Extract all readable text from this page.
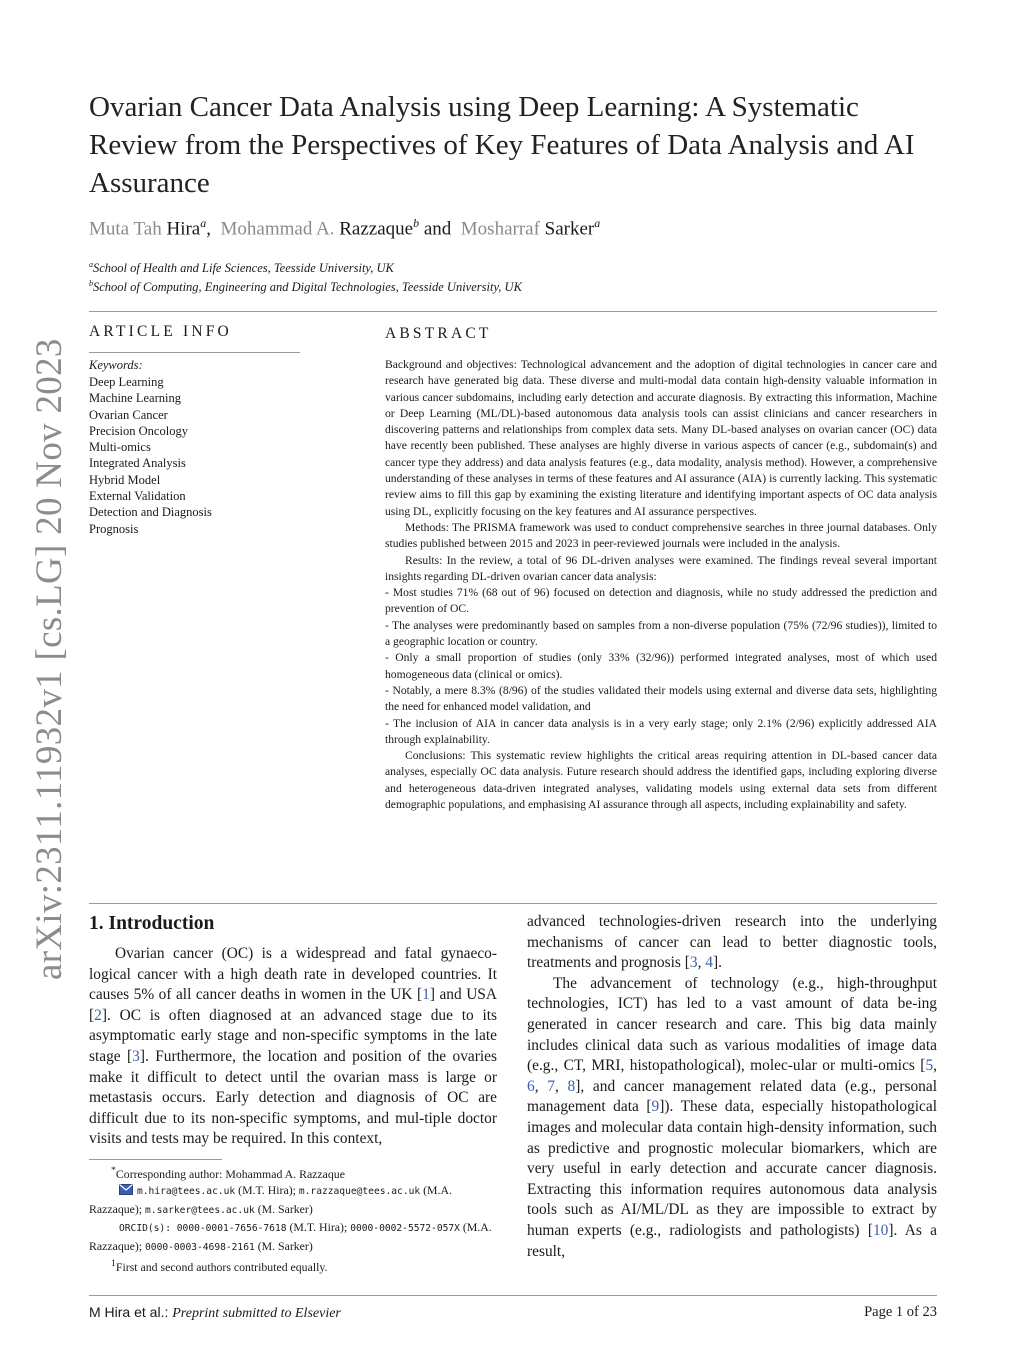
arXiv:2311.11932v1 [cs.LG] 20 Nov 2023
Ovarian Cancer Data Analysis using Deep Learning: A Systematic Review from the Perspectives of Key Features of Data Analysis and AI Assurance
Muta Tah Hira$^a$,  Mohammad A. Razzaque$^b$ and  Mosharraf Sarker$^a$
$^a$School of Health and Life Sciences, Teesside University, UK
$^b$School of Computing, Engineering and Digital Technologies, Teesside University, UK
ARTICLE INFO
Keywords:
Deep Learning
Machine Learning
Ovarian Cancer
Precision Oncology
Multi-omics
Integrated Analysis
Hybrid Model
External Validation
Detection and Diagnosis
Prognosis
ABSTRACT

Background and objectives: Technological advancement and the adoption of digital technologies in cancer care and research have generated big data. These diverse and multi-modal data contain high-density valuable information in various cancer subdomains, including early detection and accurate diagnosis. By extracting this information, Machine or Deep Learning (ML/DL)-based autonomous data analysis tools can assist clinicians and cancer researchers in discovering patterns and relationships from complex data sets. Many DL-based analyses on ovarian cancer (OC) data have recently been published. These analyses are highly diverse in various aspects of cancer (e.g., subdomain(s) and cancer type they address) and data analysis features (e.g., data modality, analysis method). However, a comprehensive understanding of these analyses in terms of these features and AI assurance (AIA) is currently lacking. This systematic review aims to fill this gap by examining the existing literature and identifying important aspects of OC data analysis using DL, explicitly focusing on the key features and AI assurance perspectives.

Methods: The PRISMA framework was used to conduct comprehensive searches in three journal databases. Only studies published between 2015 and 2023 in peer-reviewed journals were included in the analysis.

Results: In the review, a total of 96 DL-driven analyses were examined. The findings reveal several important insights regarding DL-driven ovarian cancer data analysis:

- Most studies 71% (68 out of 96) focused on detection and diagnosis, while no study addressed the prediction and prevention of OC.

- The analyses were predominantly based on samples from a non-diverse population (75% (72/96 studies)), limited to a geographic location or country.

- Only a small proportion of studies (only 33% (32/96)) performed integrated analyses, most of which used homogeneous data (clinical or omics).

- Notably, a mere 8.3% (8/96) of the studies validated their models using external and diverse data sets, highlighting the need for enhanced model validation, and

- The inclusion of AIA in cancer data analysis is in a very early stage; only 2.1% (2/96) explicitly addressed AIA through explainability.

Conclusions: This systematic review highlights the critical areas requiring attention in DL-based cancer data analyses, especially OC data analysis. Future research should address the identified gaps, including exploring diverse and heterogeneous data-driven integrated analyses, validating models using external data sets from different demographic populations, and emphasising AI assurance through all aspects, including explainability and safety.

1. Introduction

Ovarian cancer (OC) is a widespread and fatal gynaeco-logical cancer with a high death rate in developed countries. It causes 5% of all cancer deaths in women in the UK [1] and USA [2]. OC is often diagnosed at an advanced stage due to its asymptomatic early stage and non-specific symptoms in the late stage [3]. Furthermore, the location and position of the ovaries make it difficult to detect until the ovarian mass is large or metastasis occurs. Early detection and diagnosis of OC are difficult due to its non-specific symptoms, and mul-tiple doctor visits and tests may be required. In this context,

advanced technologies-driven research into the underlying mechanisms of cancer can lead to better diagnostic tools, treatments and prognosis [3, 4].

The advancement of technology (e.g., high-throughput technologies, ICT) has led to a vast amount of data be-ing generated in cancer research and care. This big data mainly includes clinical data such as various modalities of image data (e.g., CT, MRI, histopathological), molec-ular or multi-omics [5, 6, 7, 8], and cancer management related data (e.g., personal management data [9]). These data, especially histopathological images and molecular data contain high-density information, such as predictive and prognostic molecular biomarkers, which are very useful in early detection and accurate cancer diagnosis. Extracting this information requires autonomous data analysis tools such as AI/ML/DL as they are impossible to extract by human experts (e.g., radiologists and pathologists) [10]. As a result,

*Corresponding author: Mohammad A. Razzaque

m.hira@tees.ac.uk (M.T. Hira); m.razzaque@tees.ac.uk (M.A. Razzaque); m.sarker@tees.ac.uk (M. Sarker)

ORCID(s): 0000-0001-7656-7618 (M.T. Hira); 0000-0002-5572-057X (M.A. Razzaque); 0000-0003-4698-2161 (M. Sarker)

$^1$First and second authors contributed equally.

M Hira et al.: Preprint submitted to Elsevier	Page 1 of 23
